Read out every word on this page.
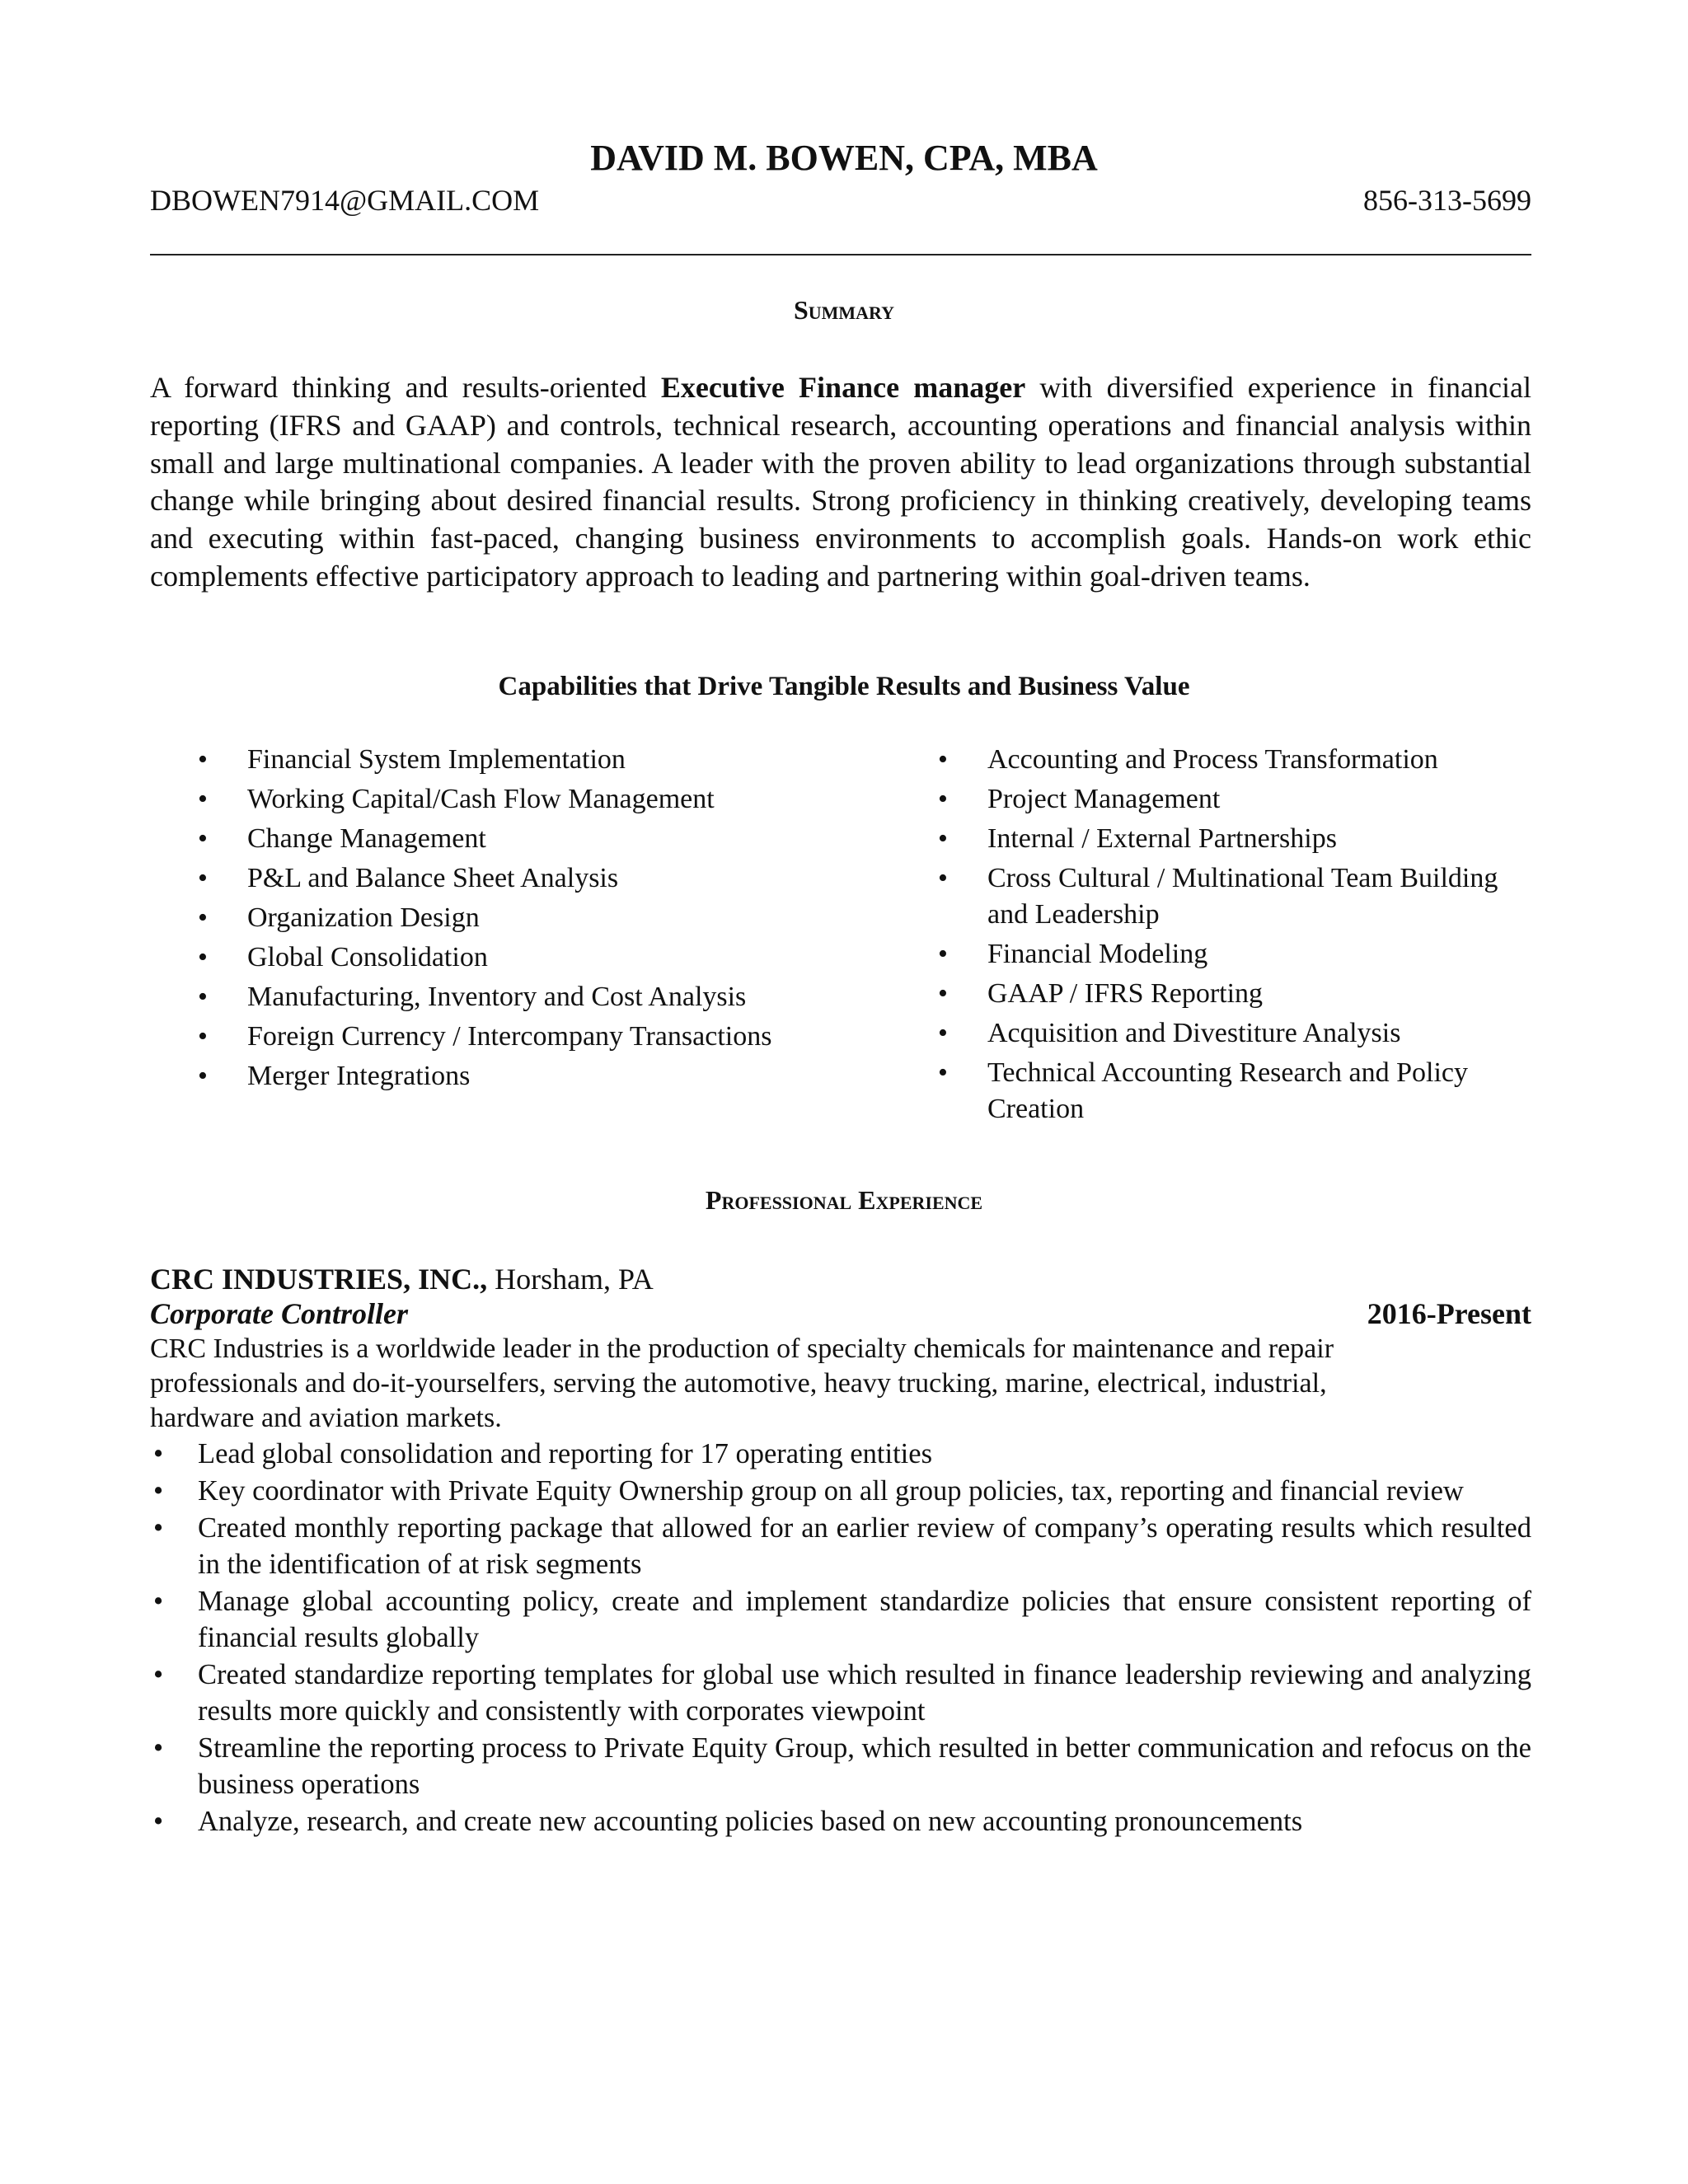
DAVID M. BOWEN, CPA, MBA
DBOWEN7914@GMAIL.COM	856-313-5699
Summary

A forward thinking and results-oriented Executive Finance manager with diversified experience in financial reporting (IFRS and GAAP) and controls, technical research, accounting operations and financial analysis within small and large multinational companies. A leader with the proven ability to lead organizations through substantial change while bringing about desired financial results. Strong proficiency in thinking creatively, developing teams and executing within fast-paced, changing business environments to accomplish goals. Hands-on work ethic complements effective participatory approach to leading and partnering within goal-driven teams.

Capabilities that Drive Tangible Results and Business Value
• Financial System Implementation
• Working Capital/Cash Flow Management
• Change Management
• P&L and Balance Sheet Analysis
• Organization Design
• Global Consolidation
• Manufacturing, Inventory and Cost Analysis
• Foreign Currency / Intercompany Transactions
• Merger Integrations
• Accounting and Process Transformation
• Project Management
• Internal / External Partnerships
• Cross Cultural / Multinational Team Building and Leadership
• Financial Modeling
• GAAP / IFRS Reporting
• Acquisition and Divestiture Analysis
• Technical Accounting Research and Policy Creation
Professional Experience
CRC INDUSTRIES, INC., Horsham, PA
Corporate Controller	2016-Present

CRC Industries is a worldwide leader in the production of specialty chemicals for maintenance and repair professionals and do-it-yourselfers, serving the automotive, heavy trucking, marine, electrical, industrial, hardware and aviation markets.

• Lead global consolidation and reporting for 17 operating entities
• Key coordinator with Private Equity Ownership group on all group policies, tax, reporting and financial review
• Created monthly reporting package that allowed for an earlier review of company’s operating results which resulted in the identification of at risk segments
• Manage global accounting policy, create and implement standardize policies that ensure consistent reporting of financial results globally
• Created standardize reporting templates for global use which resulted in finance leadership reviewing and analyzing results more quickly and consistently with corporates viewpoint
• Streamline the reporting process to Private Equity Group, which resulted in better communication and refocus on the business operations
• Analyze, research, and create new accounting policies based on new accounting pronouncements
